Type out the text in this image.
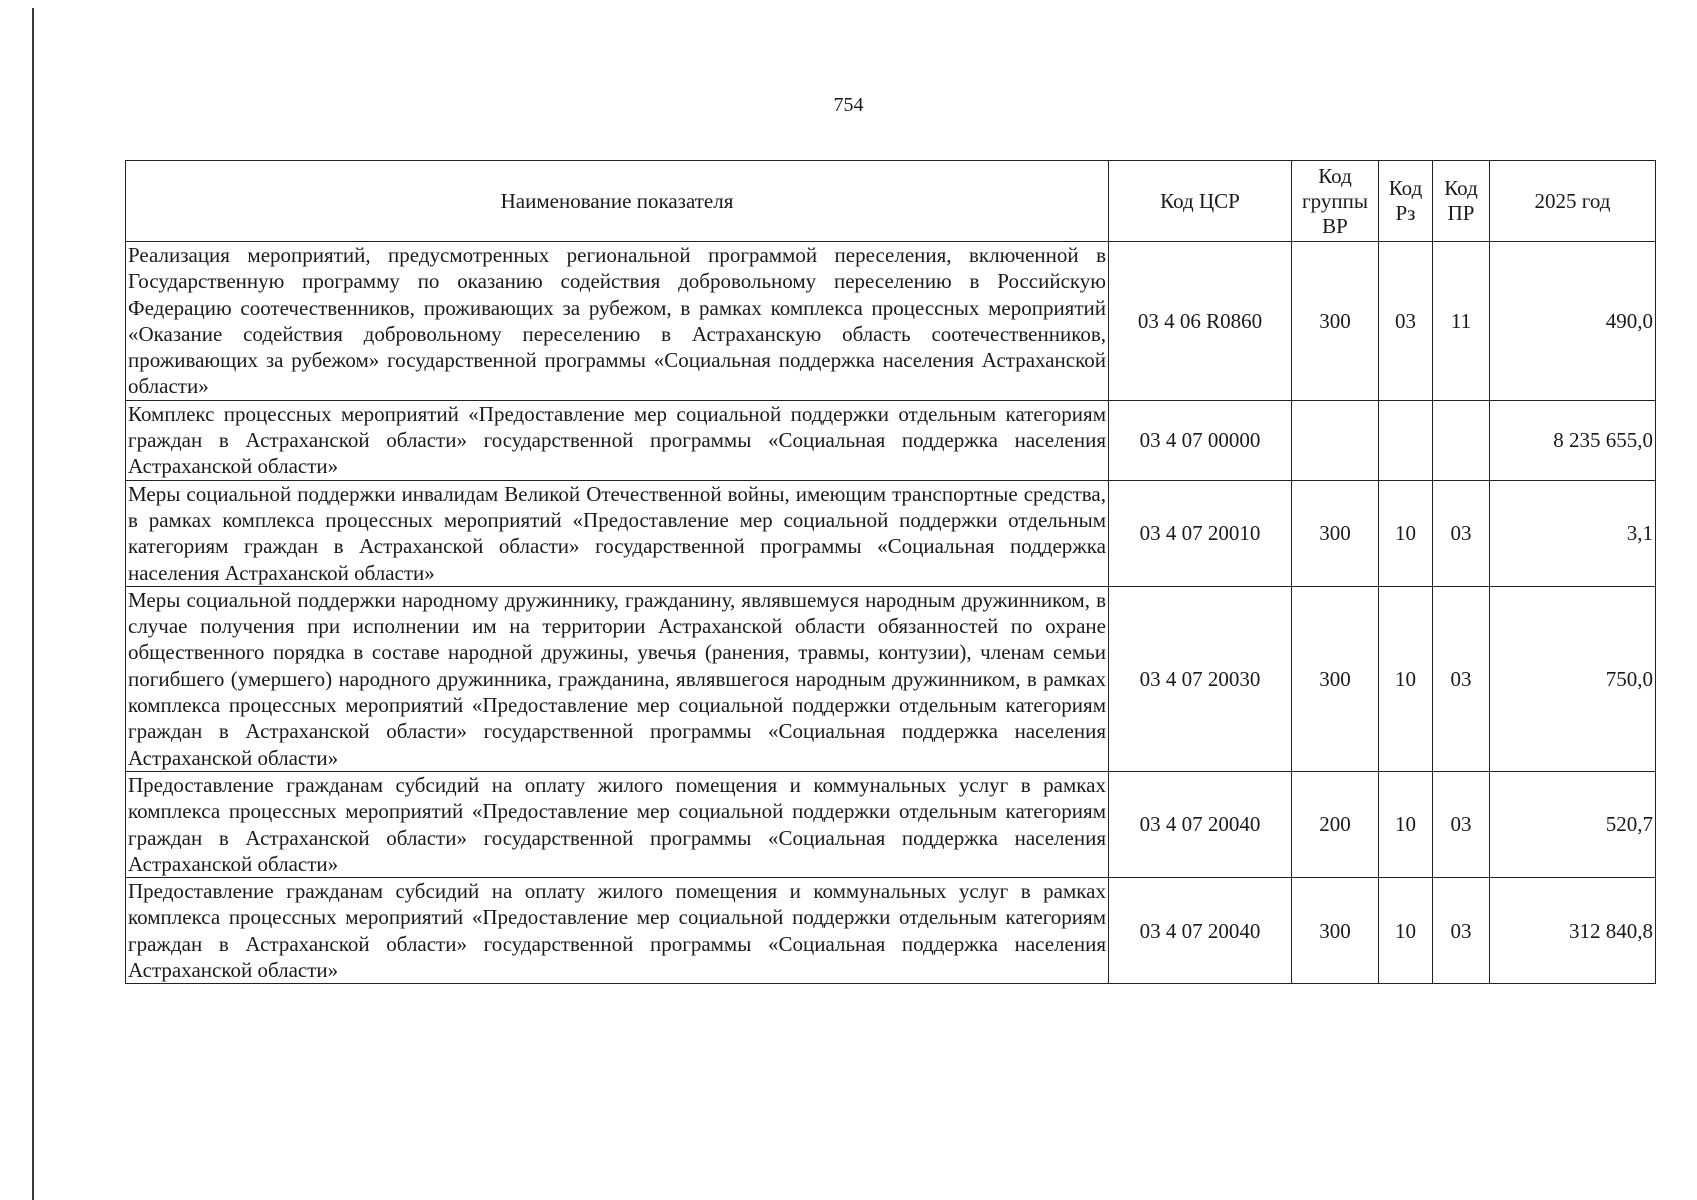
754
Наименование показателя	Код ЦСР	Код группы ВР	Код Рз	Код ПР	2025 год
Реализация мероприятий, предусмотренных региональной программой переселения, включенной в Государственную программу по оказанию содействия добровольному переселению в Российскую Федерацию соотечественников, проживающих за рубежом, в рамках комплекса процессных мероприятий «Оказание содействия добровольному переселению в Астраханскую область соотечественников, проживающих за рубежом» государственной программы «Социальная поддержка населения Астраханской области»	03 4 06 R0860	300	03	11	490,0
Комплекс процессных мероприятий «Предоставление мер социальной поддержки отдельным категориям граждан в Астраханской области» государственной программы «Социальная поддержка населения Астраханской области»	03 4 07 00000				8 235 655,0
Меры социальной поддержки инвалидам Великой Отечественной войны, имеющим транспортные средства, в рамках комплекса процессных мероприятий «Предоставление мер социальной поддержки отдельным категориям граждан в Астраханской области» государственной программы «Социальная поддержка населения Астраханской области»	03 4 07 20010	300	10	03	3,1
Меры социальной поддержки народному дружиннику, гражданину, являвшемуся народным дружинником, в случае получения при исполнении им на территории Астраханской области обязанностей по охране общественного порядка в составе народной дружины, увечья (ранения, травмы, контузии), членам семьи погибшего (умершего) народного дружинника, гражданина, являвшегося народным дружинником, в рамках комплекса процессных мероприятий «Предоставление мер социальной поддержки отдельным категориям граждан в Астраханской области» государственной программы «Социальная поддержка населения Астраханской области»	03 4 07 20030	300	10	03	750,0
Предоставление гражданам субсидий на оплату жилого помещения и коммунальных услуг в рамках комплекса процессных мероприятий «Предоставление мер социальной поддержки отдельным категориям граждан в Астраханской области» государственной программы «Социальная поддержка населения Астраханской области»	03 4 07 20040	200	10	03	520,7
Предоставление гражданам субсидий на оплату жилого помещения и коммунальных услуг в рамках комплекса процессных мероприятий «Предоставление мер социальной поддержки отдельным категориям граждан в Астраханской области» государственной программы «Социальная поддержка населения Астраханской области»	03 4 07 20040	300	10	03	312 840,8
